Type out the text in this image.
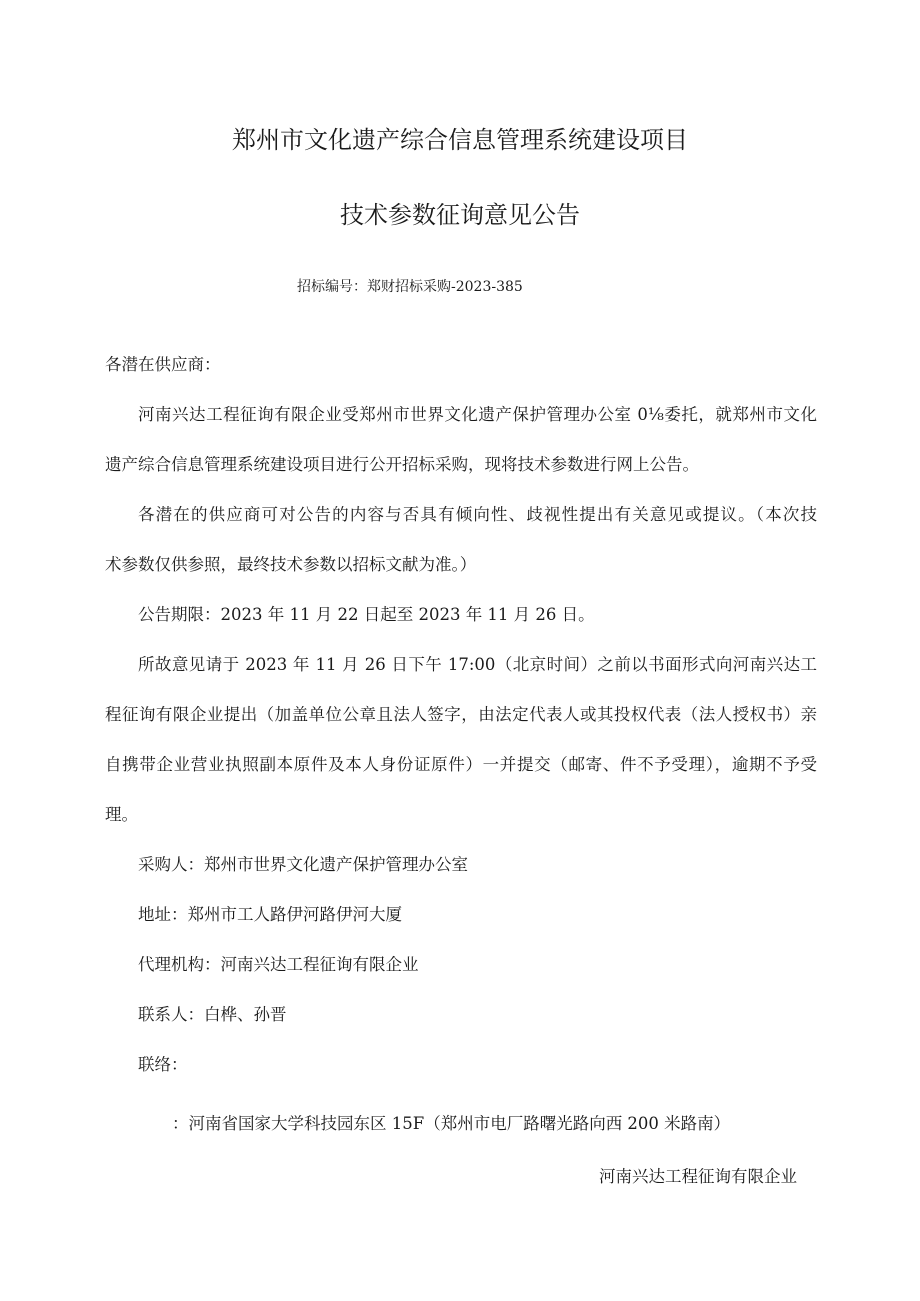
郑州市文化遗产综合信息管理系统建设项目
技术参数征询意见公告
招标编号：郑财招标采购-2023-385
各潜在供应商：
河南兴达工程征询有限企业受郑州市世界文化遗产保护管理办公室 0⅛委托，就郑州市文化
遗产综合信息管理系统建设项目进行公开招标采购，现将技术参数进行网上公告。
各潜在的供应商可对公告的内容与否具有倾向性、歧视性提出有关意见或提议。（本次技
术参数仅供参照，最终技术参数以招标文献为准。）
公告期限：2023 年 11 月 22 日起至 2023 年 11 月 26 日。
所故意见请于 2023 年 11 月 26 日下午 17:00（北京时间）之前以书面形式向河南兴达工
程征询有限企业提出（加盖单位公章且法人签字，由法定代表人或其投权代表（法人授权书）亲
自携带企业营业执照副本原件及本人身份证原件）一并提交（邮寄、件不予受理），逾期不予受
理。
采购人：郑州市世界文化遗产保护管理办公室
地址：郑州市工人路伊河路伊河大厦
代理机构：河南兴达工程征询有限企业
联系人：白桦、孙晋
联络：
：河南省国家大学科技园东区 15F（郑州市电厂路曙光路向西 200 米路南）
河南兴达工程征询有限企业
